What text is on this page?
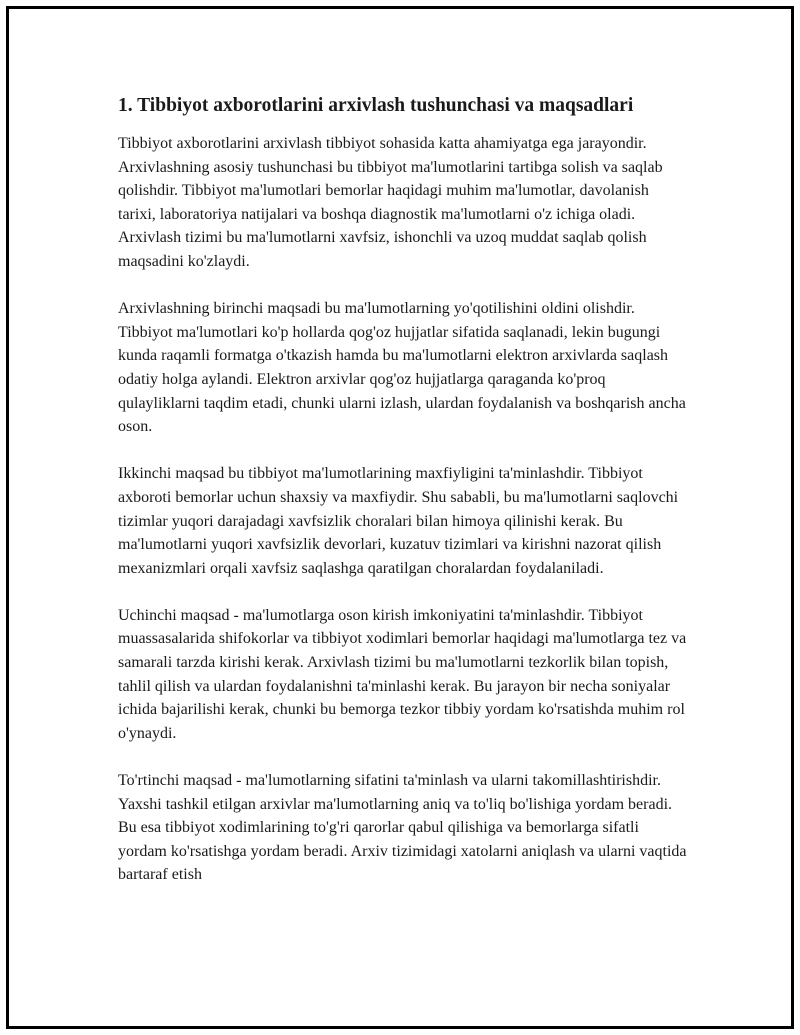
1. Tibbiyot axborotlarini arxivlash tushunchasi va maqsadlari

Tibbiyot axborotlarini arxivlash tibbiyot sohasida katta ahamiyatga ega jarayondir. Arxivlashning asosiy tushunchasi bu tibbiyot ma'lumotlarini tartibga solish va saqlab qolishdir. Tibbiyot ma'lumotlari bemorlar haqidagi muhim ma'lumotlar, davolanish tarixi, laboratoriya natijalari va boshqa diagnostik ma'lumotlarni o'z ichiga oladi. Arxivlash tizimi bu ma'lumotlarni xavfsiz, ishonchli va uzoq muddat saqlab qolish maqsadini ko'zlaydi.

Arxivlashning birinchi maqsadi bu ma'lumotlarning yo'qotilishini oldini olishdir. Tibbiyot ma'lumotlari ko'p hollarda qog'oz hujjatlar sifatida saqlanadi, lekin bugungi kunda raqamli formatga o'tkazish hamda bu ma'lumotlarni elektron arxivlarda saqlash odatiy holga aylandi. Elektron arxivlar qog'oz hujjatlarga qaraganda ko'proq qulayliklarni taqdim etadi, chunki ularni izlash, ulardan foydalanish va boshqarish ancha oson.

Ikkinchi maqsad bu tibbiyot ma'lumotlarining maxfiyligini ta'minlashdir. Tibbiyot axboroti bemorlar uchun shaxsiy va maxfiydir. Shu sababli, bu ma'lumotlarni saqlovchi tizimlar yuqori darajadagi xavfsizlik choralari bilan himoya qilinishi kerak. Bu ma'lumotlarni yuqori xavfsizlik devorlari, kuzatuv tizimlari va kirishni nazorat qilish mexanizmlari orqali xavfsiz saqlashga qaratilgan choralardan foydalaniladi.

Uchinchi maqsad - ma'lumotlarga oson kirish imkoniyatini ta'minlashdir. Tibbiyot muassasalarida shifokorlar va tibbiyot xodimlari bemorlar haqidagi ma'lumotlarga tez va samarali tarzda kirishi kerak. Arxivlash tizimi bu ma'lumotlarni tezkorlik bilan topish, tahlil qilish va ulardan foydalanishni ta'minlashi kerak. Bu jarayon bir necha soniyalar ichida bajarilishi kerak, chunki bu bemorga tezkor tibbiy yordam ko'rsatishda muhim rol o'ynaydi.

To'rtinchi maqsad - ma'lumotlarning sifatini ta'minlash va ularni takomillashtirishdir. Yaxshi tashkil etilgan arxivlar ma'lumotlarning aniq va to'liq bo'lishiga yordam beradi. Bu esa tibbiyot xodimlarining to'g'ri qarorlar qabul qilishiga va bemorlarga sifatli yordam ko'rsatishga yordam beradi. Arxiv tizimidagi xatolarni aniqlash va ularni vaqtida bartaraf etish
